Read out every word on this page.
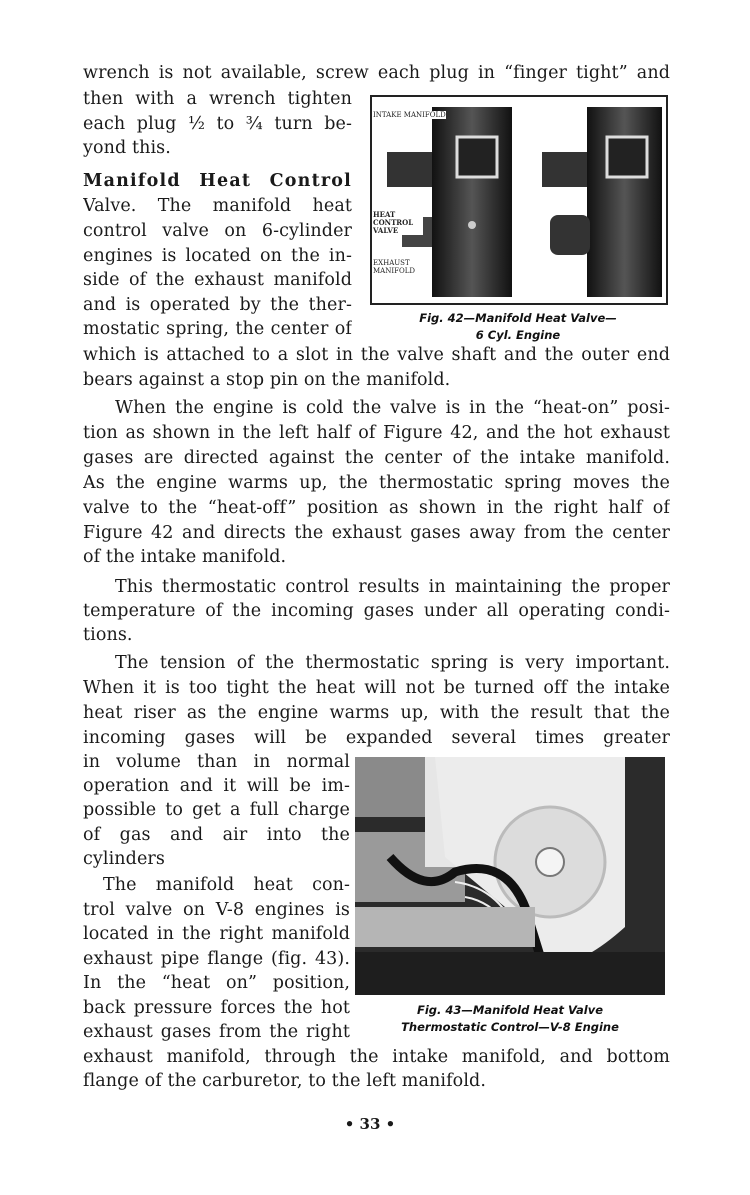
wrench is not available, screw each plug in “finger tight” and
then with a wrench tighten
each plug ½ to ¾ turn be-
yond this.
Manifold Heat Control
Valve. The manifold heat
control valve on 6-cylinder
engines is located on the in-
side of the exhaust manifold
and is operated by the ther-
mostatic spring, the center of
which is attached to a slot in the valve shaft and the outer end
bears against a stop pin on the manifold.
When the engine is cold the valve is in the “heat-on” posi-
tion as shown in the left half of Figure 42, and the hot exhaust
gases are directed against the center of the intake manifold.
As the engine warms up, the thermostatic spring moves the
valve to the “heat-off” position as shown in the right half of
Figure 42 and directs the exhaust gases away from the center
of the intake manifold.
This thermostatic control results in maintaining the proper
temperature of the incoming gases under all operating condi-
tions.
The tension of the thermostatic spring is very important.
When it is too tight the heat will not be turned off the intake
heat riser as the engine warms up, with the result that the
incoming gases will be expanded several times greater
in volume than in normal
operation and it will be im-
possible to get a full charge
of gas and air into the
cylinders
The manifold heat con-
trol valve on V-8 engines is
located in the right manifold
exhaust pipe flange (fig. 43).
In the “heat on” position,
back pressure forces the hot
exhaust gases from the right
exhaust manifold, through the intake manifold, and bottom
flange of the carburetor, to the left manifold.
INTAKE MANIFOLD
HEAT CONTROL VALVE
EXHAUST MANIFOLD
Fig. 42—Manifold Heat Valve—
6 Cyl. Engine
Fig. 43—Manifold Heat Valve
Thermostatic Control—V-8 Engine
• 33 •
